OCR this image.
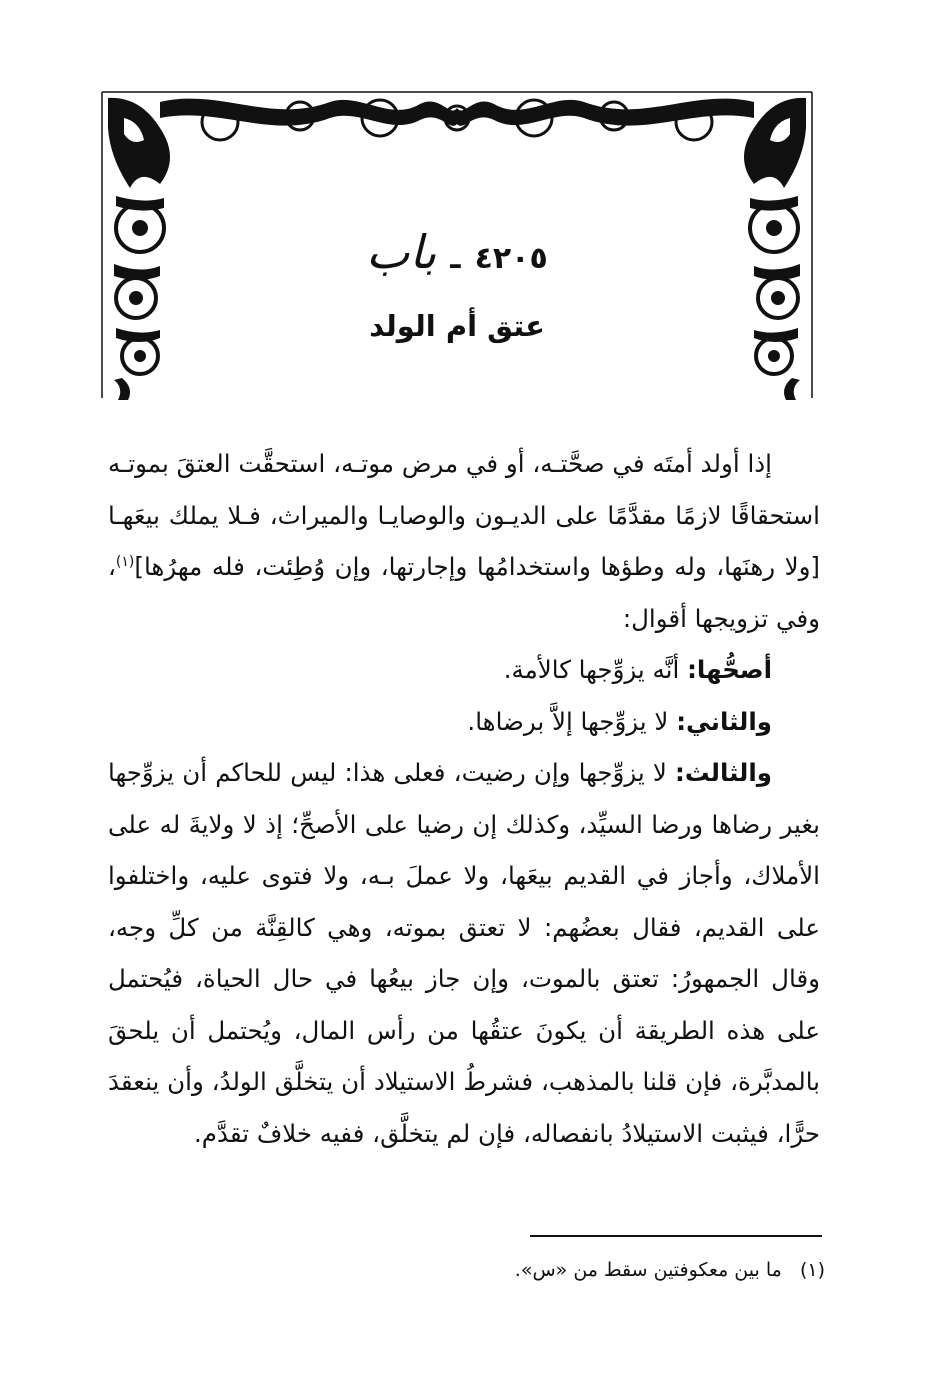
٤٢٠٥ ـ باب
عتق أم الولد

إذا أولد أمتَه في صحَّتـه، أو في مرض موتـه، استحقَّت العتقَ بموتـه استحقاقًا لازمًا مقدَّمًا على الديـون والوصايـا والميراث، فـلا يملك بيعَهـا [ولا رهنَها، وله وطؤها واستخدامُها وإجارتها، وإن وُطِئت، فله مهرُها]$^{(١)}$، وفي تزويجها أقوال:

أصحُّها: أنَّه يزوِّجها كالأمة.

والثاني: لا يزوِّجها إلاَّ برضاها.

والثالث: لا يزوِّجها وإن رضيت، فعلى هذا: ليس للحاكم أن يزوِّجها بغير رضاها ورضا السيِّد، وكذلك إن رضيا على الأصحِّ؛ إذ لا ولايةَ له على الأملاك، وأجاز في القديم بيعَها، ولا عملَ بـه، ولا فتوى عليه، واختلفوا على القديم، فقال بعضُهم: لا تعتق بموته، وهي كالقِنَّة من كلِّ وجه، وقال الجمهورُ: تعتق بالموت، وإن جاز بيعُها في حال الحياة، فيُحتمل على هذه الطريقة أن يكونَ عتقُها من رأس المال، ويُحتمل أن يلحقَ بالمدبَّرة، فإن قلنا بالمذهب، فشرطُ الاستيلاد أن يتخلَّق الولدُ، وأن ينعقدَ حرًّا، فيثبت الاستيلادُ بانفصاله، فإن لم يتخلَّق، ففيه خلافٌ تقدَّم.

(١)   ما بين معكوفتين سقط من «س».
